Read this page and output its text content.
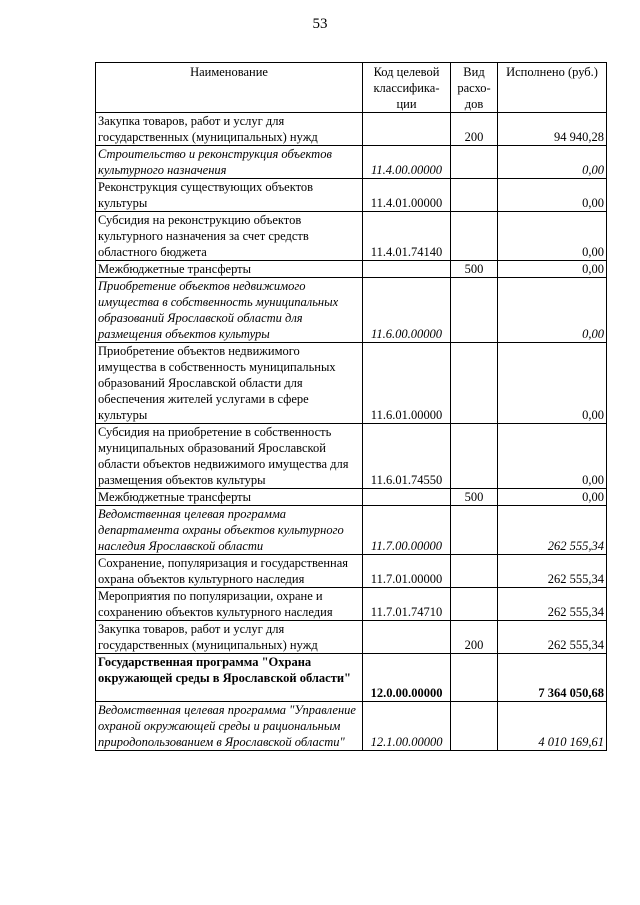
53
Наименование	Код целевой классифика-ции	Вид расхо-дов	Исполнено (руб.)
Закупка товаров, работ и услуг для государственных (муниципальных) нужд		200	94 940,28
Строительство и реконструкция объектов культурного назначения	11.4.00.00000		0,00
Реконструкция существующих объектов культуры	11.4.01.00000		0,00
Субсидия на реконструкцию объектов культурного назначения за счет средств областного бюджета	11.4.01.74140		0,00
Межбюджетные трансферты		500	0,00
Приобретение объектов недвижимого имущества в собственность муниципальных образований Ярославской области для размещения объектов культуры	11.6.00.00000		0,00
Приобретение объектов недвижимого имущества в собственность муниципальных образований Ярославской области для обеспечения жителей услугами в сфере культуры	11.6.01.00000		0,00
Субсидия на приобретение в собственность муниципальных образований Ярославской области объектов недвижимого имущества для размещения объектов культуры	11.6.01.74550		0,00
Межбюджетные трансферты		500	0,00
Ведомственная целевая программа департамента охраны объектов культурного наследия Ярославской области	11.7.00.00000		262 555,34
Сохранение, популяризация и государственная охрана объектов культурного наследия	11.7.01.00000		262 555,34
Мероприятия по популяризации, охране и сохранению объектов культурного наследия	11.7.01.74710		262 555,34
Закупка товаров, работ и услуг для государственных (муниципальных) нужд		200	262 555,34
Государственная программа "Охрана окружающей среды в Ярославской области"	12.0.00.00000		7 364 050,68
Ведомственная целевая программа "Управление охраной окружающей среды и рациональным природопользованием в Ярославской области"	12.1.00.00000		4 010 169,61
